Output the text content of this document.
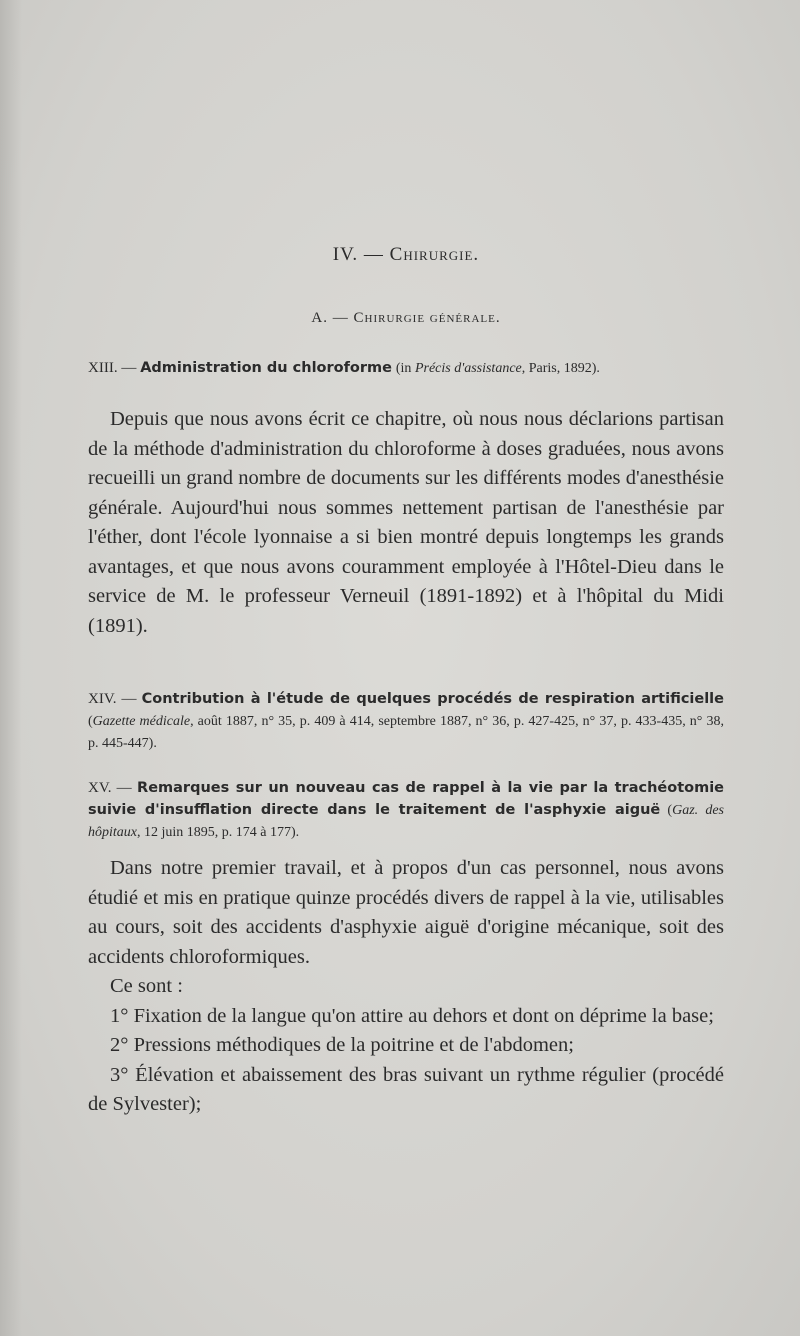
IV. — Chirurgie.
A. — Chirurgie générale.
XIII. — Administration du chloroforme (in Précis d'assistance, Paris, 1892).

Depuis que nous avons écrit ce chapitre, où nous nous déclarions partisan de la méthode d'administration du chloroforme à doses graduées, nous avons recueilli un grand nombre de documents sur les différents modes d'anesthésie générale. Aujourd'hui nous sommes nettement partisan de l'anesthésie par l'éther, dont l'école lyonnaise a si bien montré depuis longtemps les grands avantages, et que nous avons couramment employée à l'Hôtel-Dieu dans le service de M. le professeur Verneuil (1891-1892) et à l'hôpital du Midi (1891).

XIV. — Contribution à l'étude de quelques procédés de respiration artificielle (Gazette médicale, août 1887, n° 35, p. 409 à 414, septembre 1887, n° 36, p. 427-425, n° 37, p. 433-435, n° 38, p. 445-447).
XV. — Remarques sur un nouveau cas de rappel à la vie par la trachéotomie suivie d'insufflation directe dans le traitement de l'asphyxie aiguë (Gaz. des hôpitaux, 12 juin 1895, p. 174 à 177).

Dans notre premier travail, et à propos d'un cas personnel, nous avons étudié et mis en pratique quinze procédés divers de rappel à la vie, utilisables au cours, soit des accidents d'asphyxie aiguë d'origine mécanique, soit des accidents chloroformiques.

Ce sont :

1° Fixation de la langue qu'on attire au dehors et dont on déprime la base;

2° Pressions méthodiques de la poitrine et de l'abdomen;

3° Élévation et abaissement des bras suivant un rythme régulier (procédé de Sylvester);
